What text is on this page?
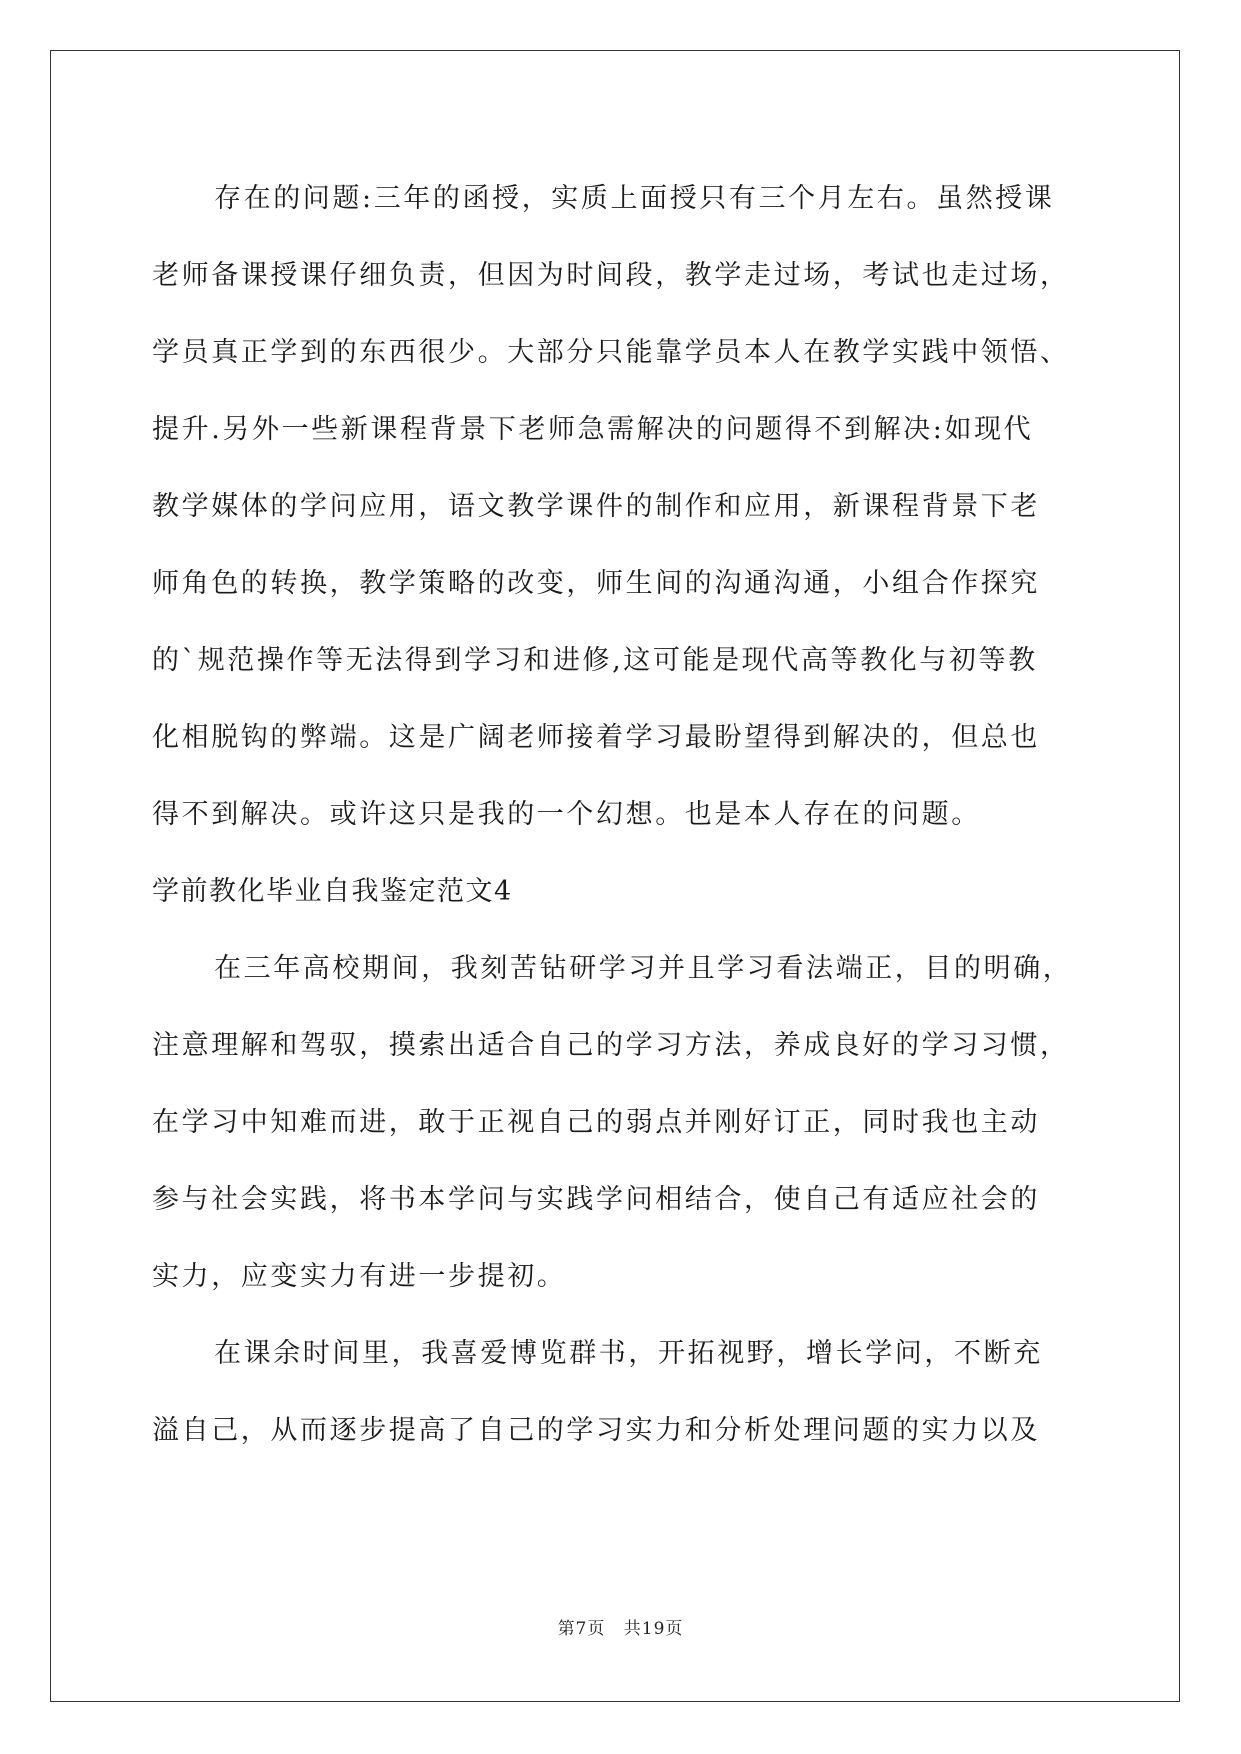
存在的问题:三年的函授，实质上面授只有三个月左右。虽然授课
老师备课授课仔细负责，但因为时间段，教学走过场，考试也走过场，
学员真正学到的东西很少。大部分只能靠学员本人在教学实践中领悟、
提升.另外一些新课程背景下老师急需解决的问题得不到解决:如现代
教学媒体的学问应用，语文教学课件的制作和应用，新课程背景下老
师角色的转换，教学策略的改变，师生间的沟通沟通，小组合作探究
的`规范操作等无法得到学习和进修,这可能是现代高等教化与初等教
化相脱钩的弊端。这是广阔老师接着学习最盼望得到解决的，但总也
得不到解决。或许这只是我的一个幻想。也是本人存在的问题。
学前教化毕业自我鉴定范文4
在三年高校期间，我刻苦钻研学习并且学习看法端正，目的明确，
注意理解和驾驭，摸索出适合自己的学习方法，养成良好的学习习惯，
在学习中知难而进，敢于正视自己的弱点并刚好订正，同时我也主动
参与社会实践，将书本学问与实践学问相结合，使自己有适应社会的
实力，应变实力有进一步提初。
在课余时间里，我喜爱博览群书，开拓视野，增长学问，不断充
溢自己，从而逐步提高了自己的学习实力和分析处理问题的实力以及
第7页 共19页
